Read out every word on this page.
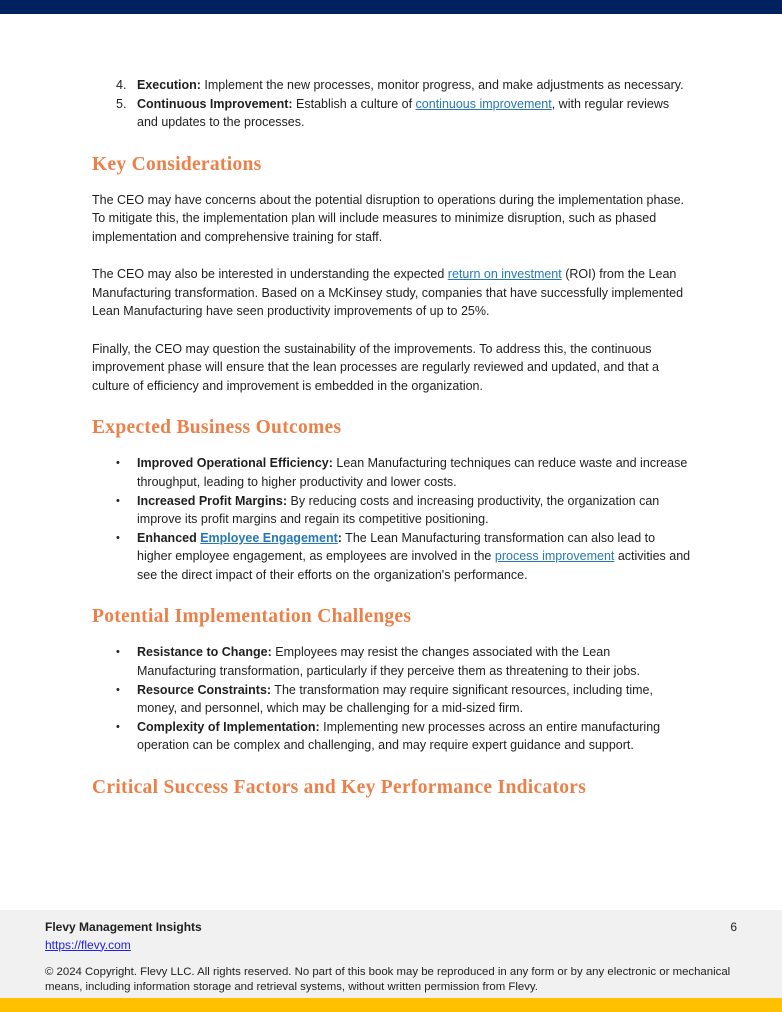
4. Execution: Implement the new processes, monitor progress, and make adjustments as necessary.
5. Continuous Improvement: Establish a culture of continuous improvement, with regular reviews and updates to the processes.
Key Considerations

The CEO may have concerns about the potential disruption to operations during the implementation phase. To mitigate this, the implementation plan will include measures to minimize disruption, such as phased implementation and comprehensive training for staff.

The CEO may also be interested in understanding the expected return on investment (ROI) from the Lean Manufacturing transformation. Based on a McKinsey study, companies that have successfully implemented Lean Manufacturing have seen productivity improvements of up to 25%.

Finally, the CEO may question the sustainability of the improvements. To address this, the continuous improvement phase will ensure that the lean processes are regularly reviewed and updated, and that a culture of efficiency and improvement is embedded in the organization.

Expected Business Outcomes
•	Improved Operational Efficiency: Lean Manufacturing techniques can reduce waste and increase throughput, leading to higher productivity and lower costs.
•	Increased Profit Margins: By reducing costs and increasing productivity, the organization can improve its profit margins and regain its competitive positioning.
•	Enhanced Employee Engagement: The Lean Manufacturing transformation can also lead to higher employee engagement, as employees are involved in the process improvement activities and see the direct impact of their efforts on the organization's performance.
Potential Implementation Challenges
•	Resistance to Change: Employees may resist the changes associated with the Lean Manufacturing transformation, particularly if they perceive them as threatening to their jobs.
•	Resource Constraints: The transformation may require significant resources, including time, money, and personnel, which may be challenging for a mid-sized firm.
•	Complexity of Implementation: Implementing new processes across an entire manufacturing operation can be complex and challenging, and may require expert guidance and support.
Critical Success Factors and Key Performance Indicators
Flevy Management Insights
https://flevy.com
© 2024 Copyright. Flevy LLC. All rights reserved. No part of this book may be reproduced in any form or by any electronic or mechanical means, including information storage and retrieval systems, without written permission from Flevy.
6
